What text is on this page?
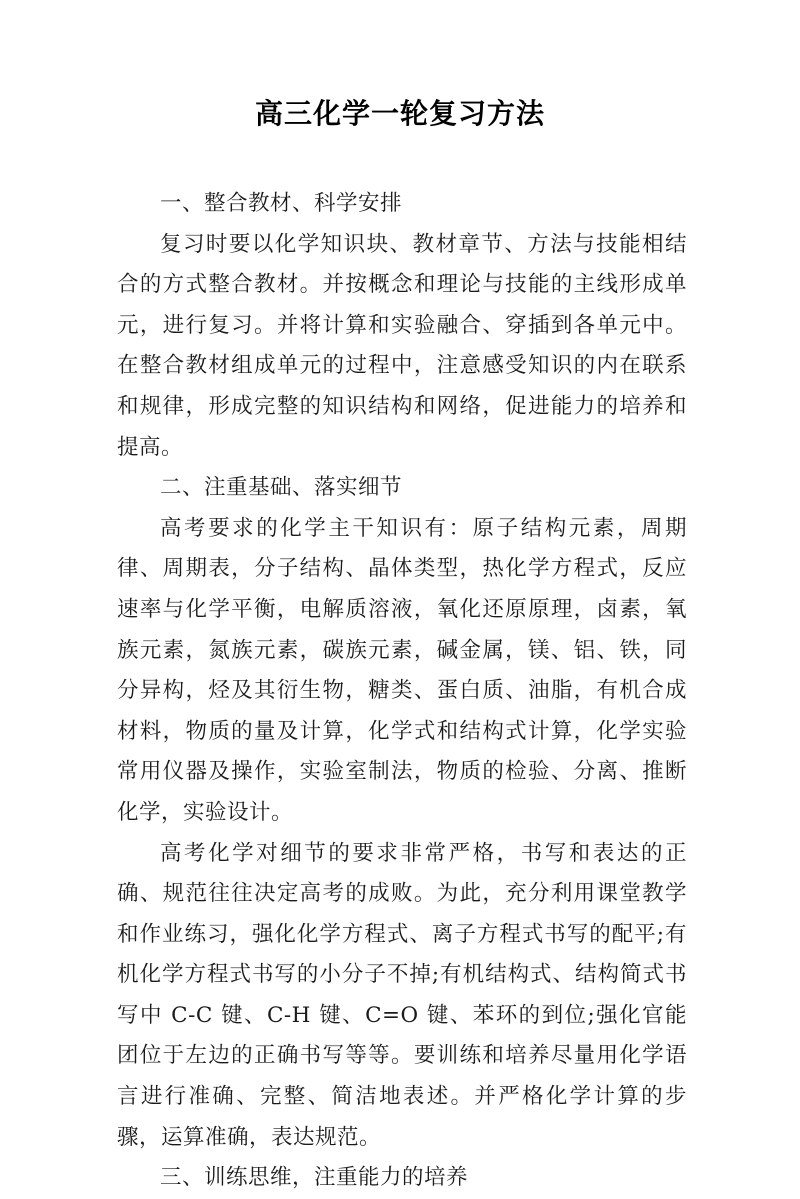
高三化学一轮复习方法

一、整合教材、科学安排

复习时要以化学知识块、教材章节、方法与技能相结合的方式整合教材。并按概念和理论与技能的主线形成单元，进行复习。并将计算和实验融合、穿插到各单元中。在整合教材组成单元的过程中，注意感受知识的内在联系和规律，形成完整的知识结构和网络，促进能力的培养和提高。

二、注重基础、落实细节

高考要求的化学主干知识有：原子结构元素，周期律、周期表，分子结构、晶体类型，热化学方程式，反应速率与化学平衡，电解质溶液，氧化还原原理，卤素，氧族元素，氮族元素，碳族元素，碱金属，镁、铝、铁，同分异构，烃及其衍生物，糖类、蛋白质、油脂，有机合成材料，物质的量及计算，化学式和结构式计算，化学实验常用仪器及操作，实验室制法，物质的检验、分离、推断化学，实验设计。

高考化学对细节的要求非常严格，书写和表达的正确、规范往往决定高考的成败。为此，充分利用课堂教学和作业练习，强化化学方程式、离子方程式书写的配平;有机化学方程式书写的小分子不掉;有机结构式、结构简式书写中 C-C 键、C-H 键、C=O 键、苯环的到位;强化官能团位于左边的正确书写等等。要训练和培养尽量用化学语言进行准确、完整、简洁地表述。并严格化学计算的步骤，运算准确，表达规范。

三、训练思维，注重能力的培养
